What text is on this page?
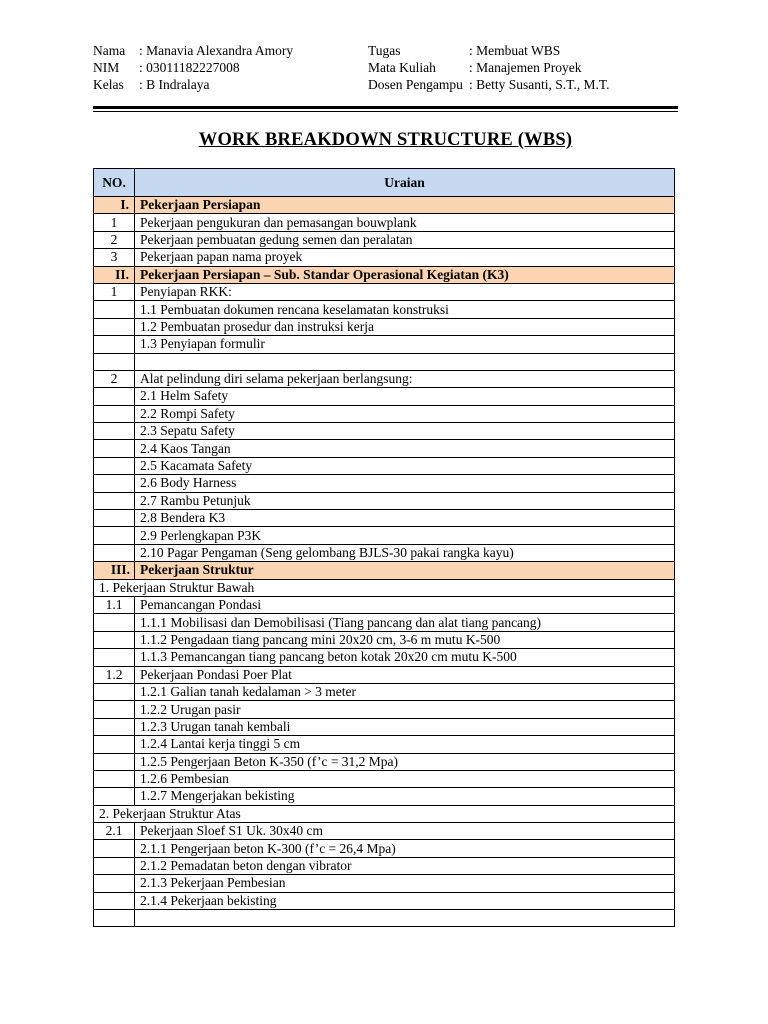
Nama	: Manavia Alexandra Amory
NIM	: 03011182227008
Kelas	: B Indralaya
Tugas	: Membuat WBS
Mata Kuliah	: Manajemen Proyek
Dosen Pengampu : Betty Susanti, S.T., M.T.
WORK BREAKDOWN STRUCTURE (WBS)
NO.	Uraian
I.	Pekerjaan Persiapan
1	Pekerjaan pengukuran dan pemasangan bouwplank
2	Pekerjaan pembuatan gedung semen dan peralatan
3	Pekerjaan papan nama proyek
II.	Pekerjaan Persiapan – Sub. Standar Operasional Kegiatan (K3)
1	Penyiapan RKK:
	1.1 Pembuatan dokumen rencana keselamatan konstruksi
	1.2 Pembuatan prosedur dan instruksi kerja
	1.3 Penyiapan formulir

2	Alat pelindung diri selama pekerjaan berlangsung:
	2.1 Helm Safety
	2.2 Rompi Safety
	2.3 Sepatu Safety
	2.4 Kaos Tangan
	2.5 Kacamata Safety
	2.6 Body Harness
	2.7 Rambu Petunjuk
	2.8 Bendera K3
	2.9 Perlengkapan P3K
	2.10 Pagar Pengaman (Seng gelombang BJLS-30 pakai rangka kayu)
III.	Pekerjaan Struktur
1. Pekerjaan Struktur Bawah	
1.1	Pemancangan Pondasi
	1.1.1 Mobilisasi dan Demobilisasi (Tiang pancang dan alat tiang pancang)
	1.1.2 Pengadaan tiang pancang mini 20x20 cm, 3-6 m mutu K-500
	1.1.3 Pemancangan tiang pancang beton kotak 20x20 cm mutu K-500
1.2	Pekerjaan Pondasi Poer Plat
	1.2.1 Galian tanah kedalaman > 3 meter
	1.2.2 Urugan pasir
	1.2.3 Urugan tanah kembali
	1.2.4 Lantai kerja tinggi 5 cm
	1.2.5 Pengerjaan Beton K-350 (f’c = 31,2 Mpa)
	1.2.6 Pembesian
	1.2.7 Mengerjakan bekisting
2. Pekerjaan Struktur Atas	
2.1	Pekerjaan Sloef S1 Uk. 30x40 cm
	2.1.1 Pengerjaan beton K-300 (f’c = 26,4 Mpa)
	2.1.2 Pemadatan beton dengan vibrator
	2.1.3 Pekerjaan Pembesian
	2.1.4 Pekerjaan bekisting
